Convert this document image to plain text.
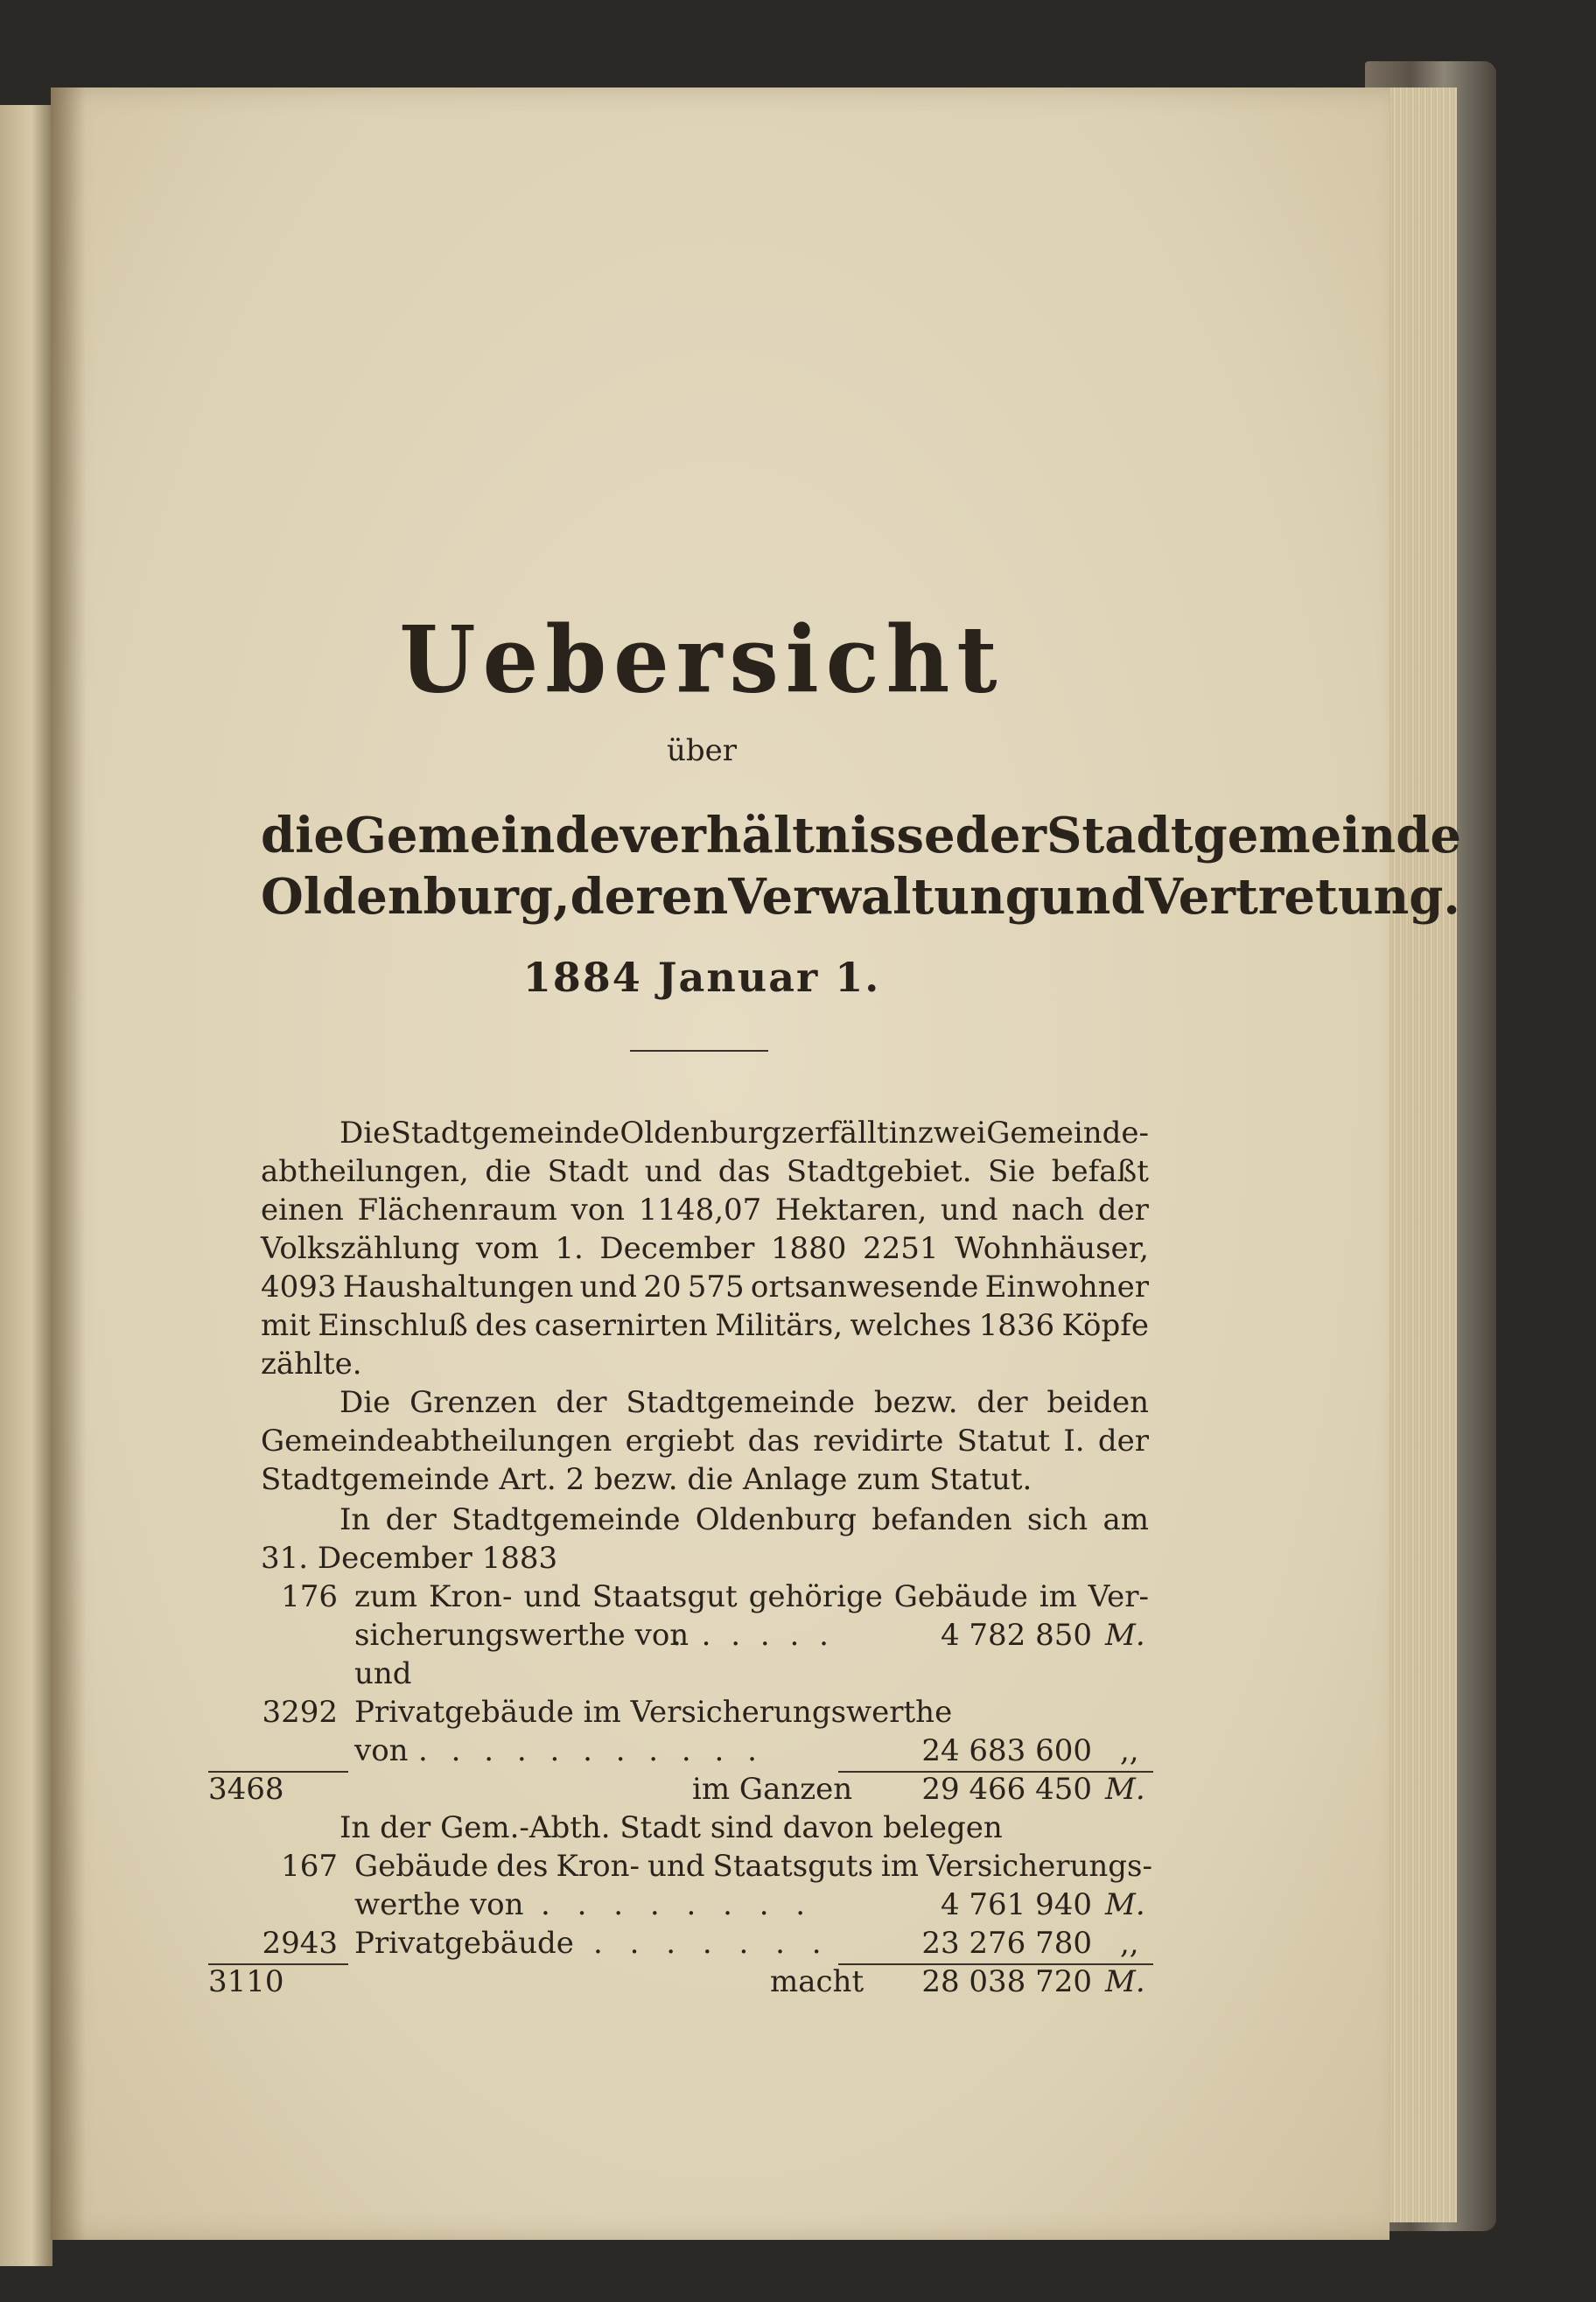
Uebersicht
über
die Gemeindeverhältnisse der Stadtgemeinde
Oldenburg, deren Verwaltung und Vertretung.
1884 Januar 1.
Die Stadtgemeinde Oldenburg zerfällt in zwei Gemeinde-
abtheilungen, die Stadt und das Stadtgebiet. Sie befaßt
einen Flächenraum von 1148,07 Hektaren, und nach der
Volkszählung vom 1. December 1880 2251 Wohnhäuser,
4093 Haushaltungen und 20 575 ortsanwesende Einwohner
mit Einschluß des casernirten Militärs, welches 1836 Köpfe
zählte.
Die Grenzen der Stadtgemeinde bezw. der beiden
Gemeindeabtheilungen ergiebt das revidirte Statut I. der
Stadtgemeinde Art. 2 bezw. die Anlage zum Statut.
In der Stadtgemeinde Oldenburg befanden sich am
31. December 1883
176 zum Kron- und Staatsgut gehörige Gebäude im Ver-
sicherungswerthe von
. . . . . .	4 782 850 M.
und
3292 Privatgebäude im Versicherungswerthe
von . . . . . . . . . . .	24 683 600 ,,
3468	im Ganzen	29 466 450 M.
In der Gem.-Abth. Stadt sind davon belegen
167 Gebäude des Kron- und Staatsguts im Versicherungs-
werthe von . . . . . . . .	4 761 940 M.
2943 Privatgebäude . . . . . . .	23 276 780 ,,
3110	macht	28 038 720 M.
